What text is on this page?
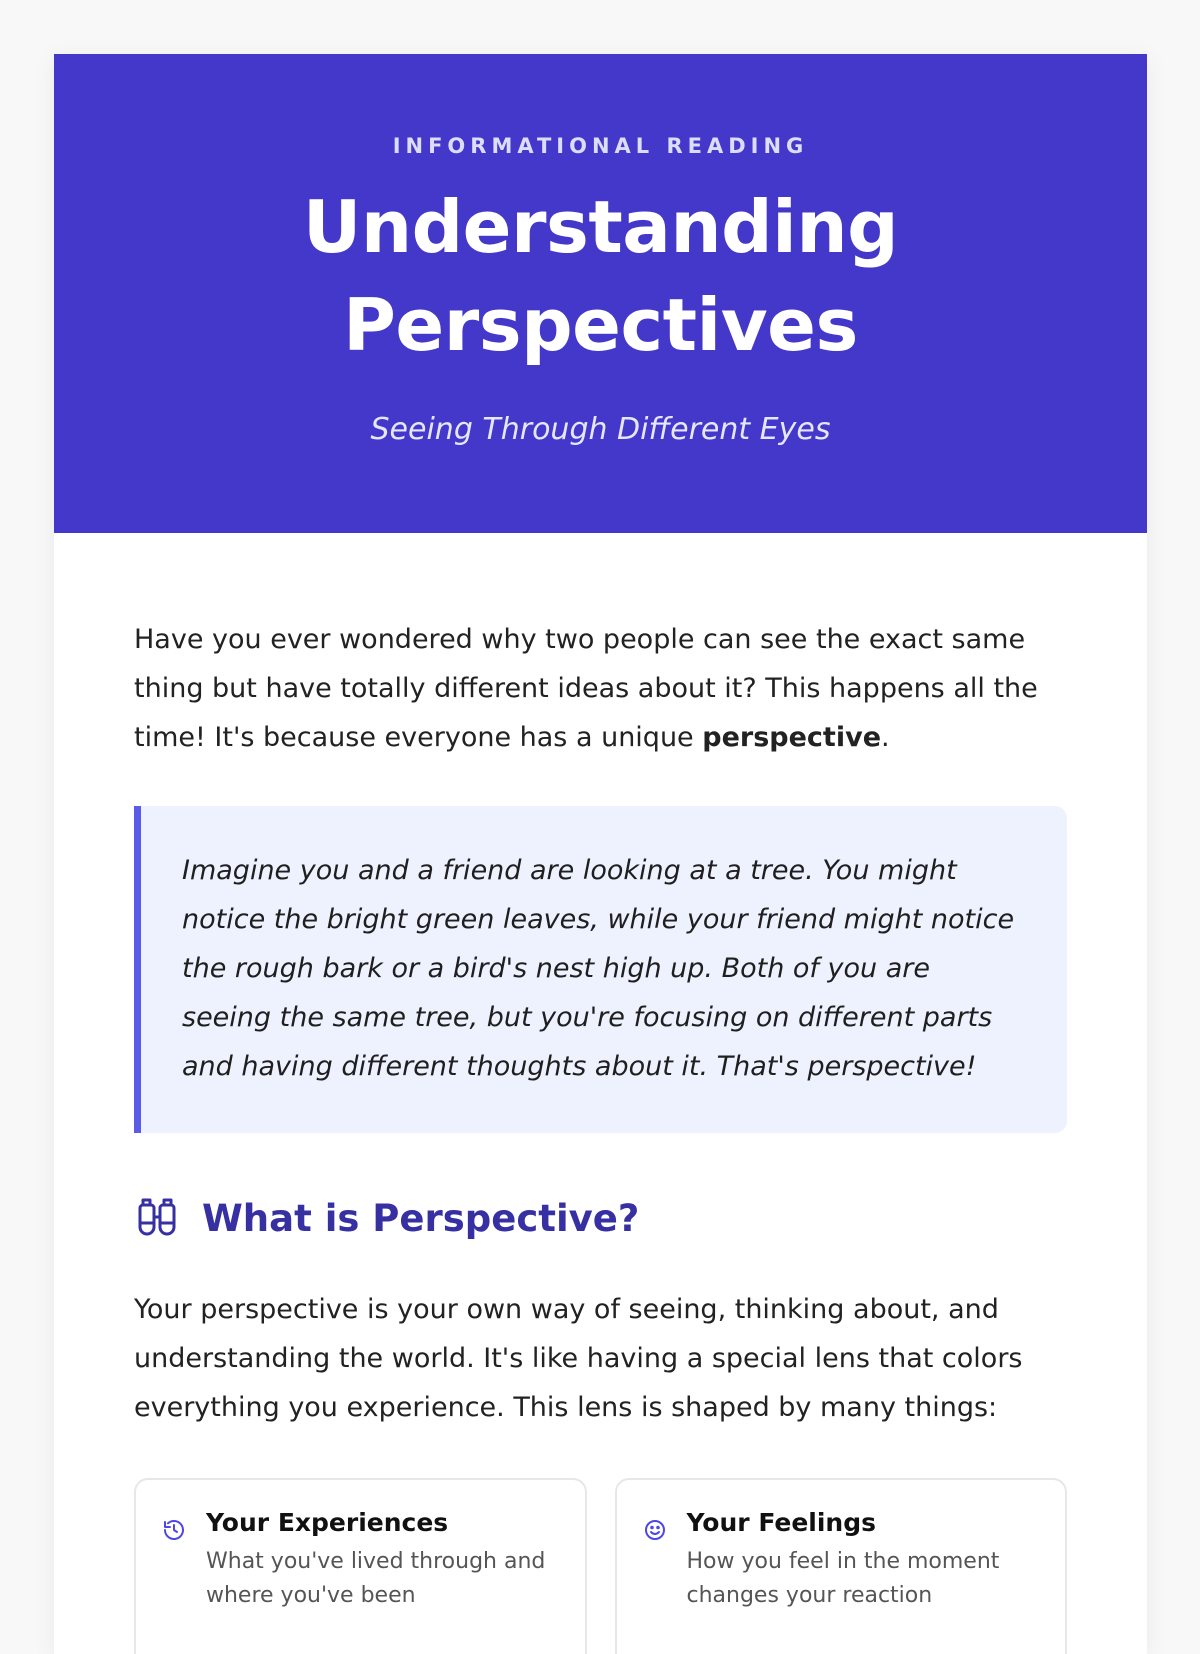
INFORMATIONAL READING

Understanding Perspectives

Seeing Through Different Eyes

Have you ever wondered why two people can see the exact same thing but have totally different ideas about it? This happens all the time! It's because everyone has a unique perspective.

Imagine you and a friend are looking at a tree. You might notice the bright green leaves, while your friend might notice the rough bark or a bird's nest high up. Both of you are seeing the same tree, but you're focusing on different parts and having different thoughts about it. That's perspective!
What is Perspective?

Your perspective is your own way of seeing, thinking about, and understanding the world. It's like having a special lens that colors everything you experience. This lens is shaped by many things:

Your Experiences

What you've lived through and where you've been

Your Feelings

How you feel in the moment changes your reaction
